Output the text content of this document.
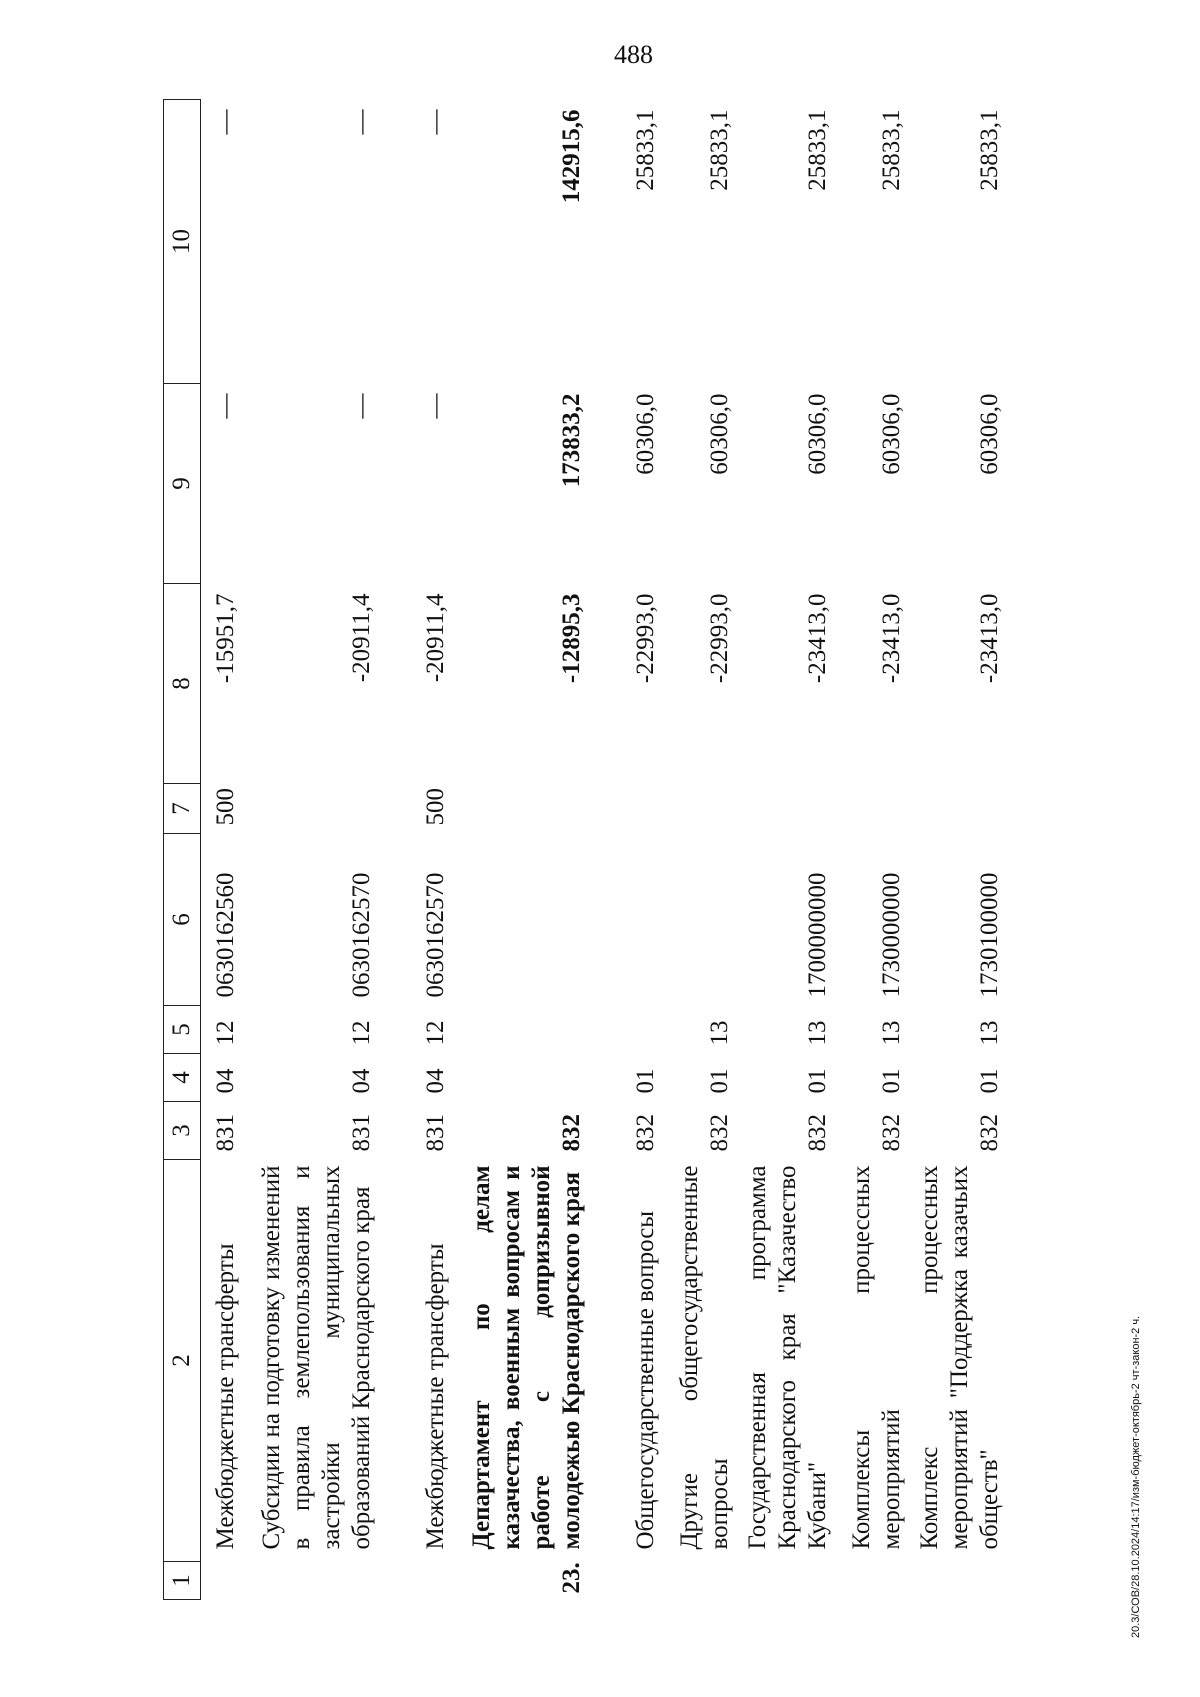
488
1	2	3	4	5	6	7	8	9	10
	Межбюджетные трансферты	831	04	12	0630162560	500	-15951,7	—	—
	Субсидии на подготовку изменений в правила землепользования и застройки муниципальных образований Краснодарского края	831	04	12	0630162570		-20911,4	—	—
	Межбюджетные трансферты	831	04	12	0630162570	500	-20911,4	—	—
23.	Департамент по делам казачества, военным вопросам и работе с допризывной молодежью Краснодарского края	832					-12895,3	173833,2	142915,6
	Общегосударственные вопросы	832	01				-22993,0	60306,0	25833,1
	Другие общегосударственные вопросы	832	01	13			-22993,0	60306,0	25833,1
	Государственная программа Краснодарского края "Казачество Кубани"	832	01	13	1700000000		-23413,0	60306,0	25833,1
	Комплексы процессных мероприятий	832	01	13	1730000000		-23413,0	60306,0	25833,1
	Комплекс процессных мероприятий "Поддержка казачьих обществ"	832	01	13	1730100000		-23413,0	60306,0	25833,1
20.3/СОВ/28.10.2024/14:17/изм-бюджет-октябрь-2 чт-закон-2 ч.
